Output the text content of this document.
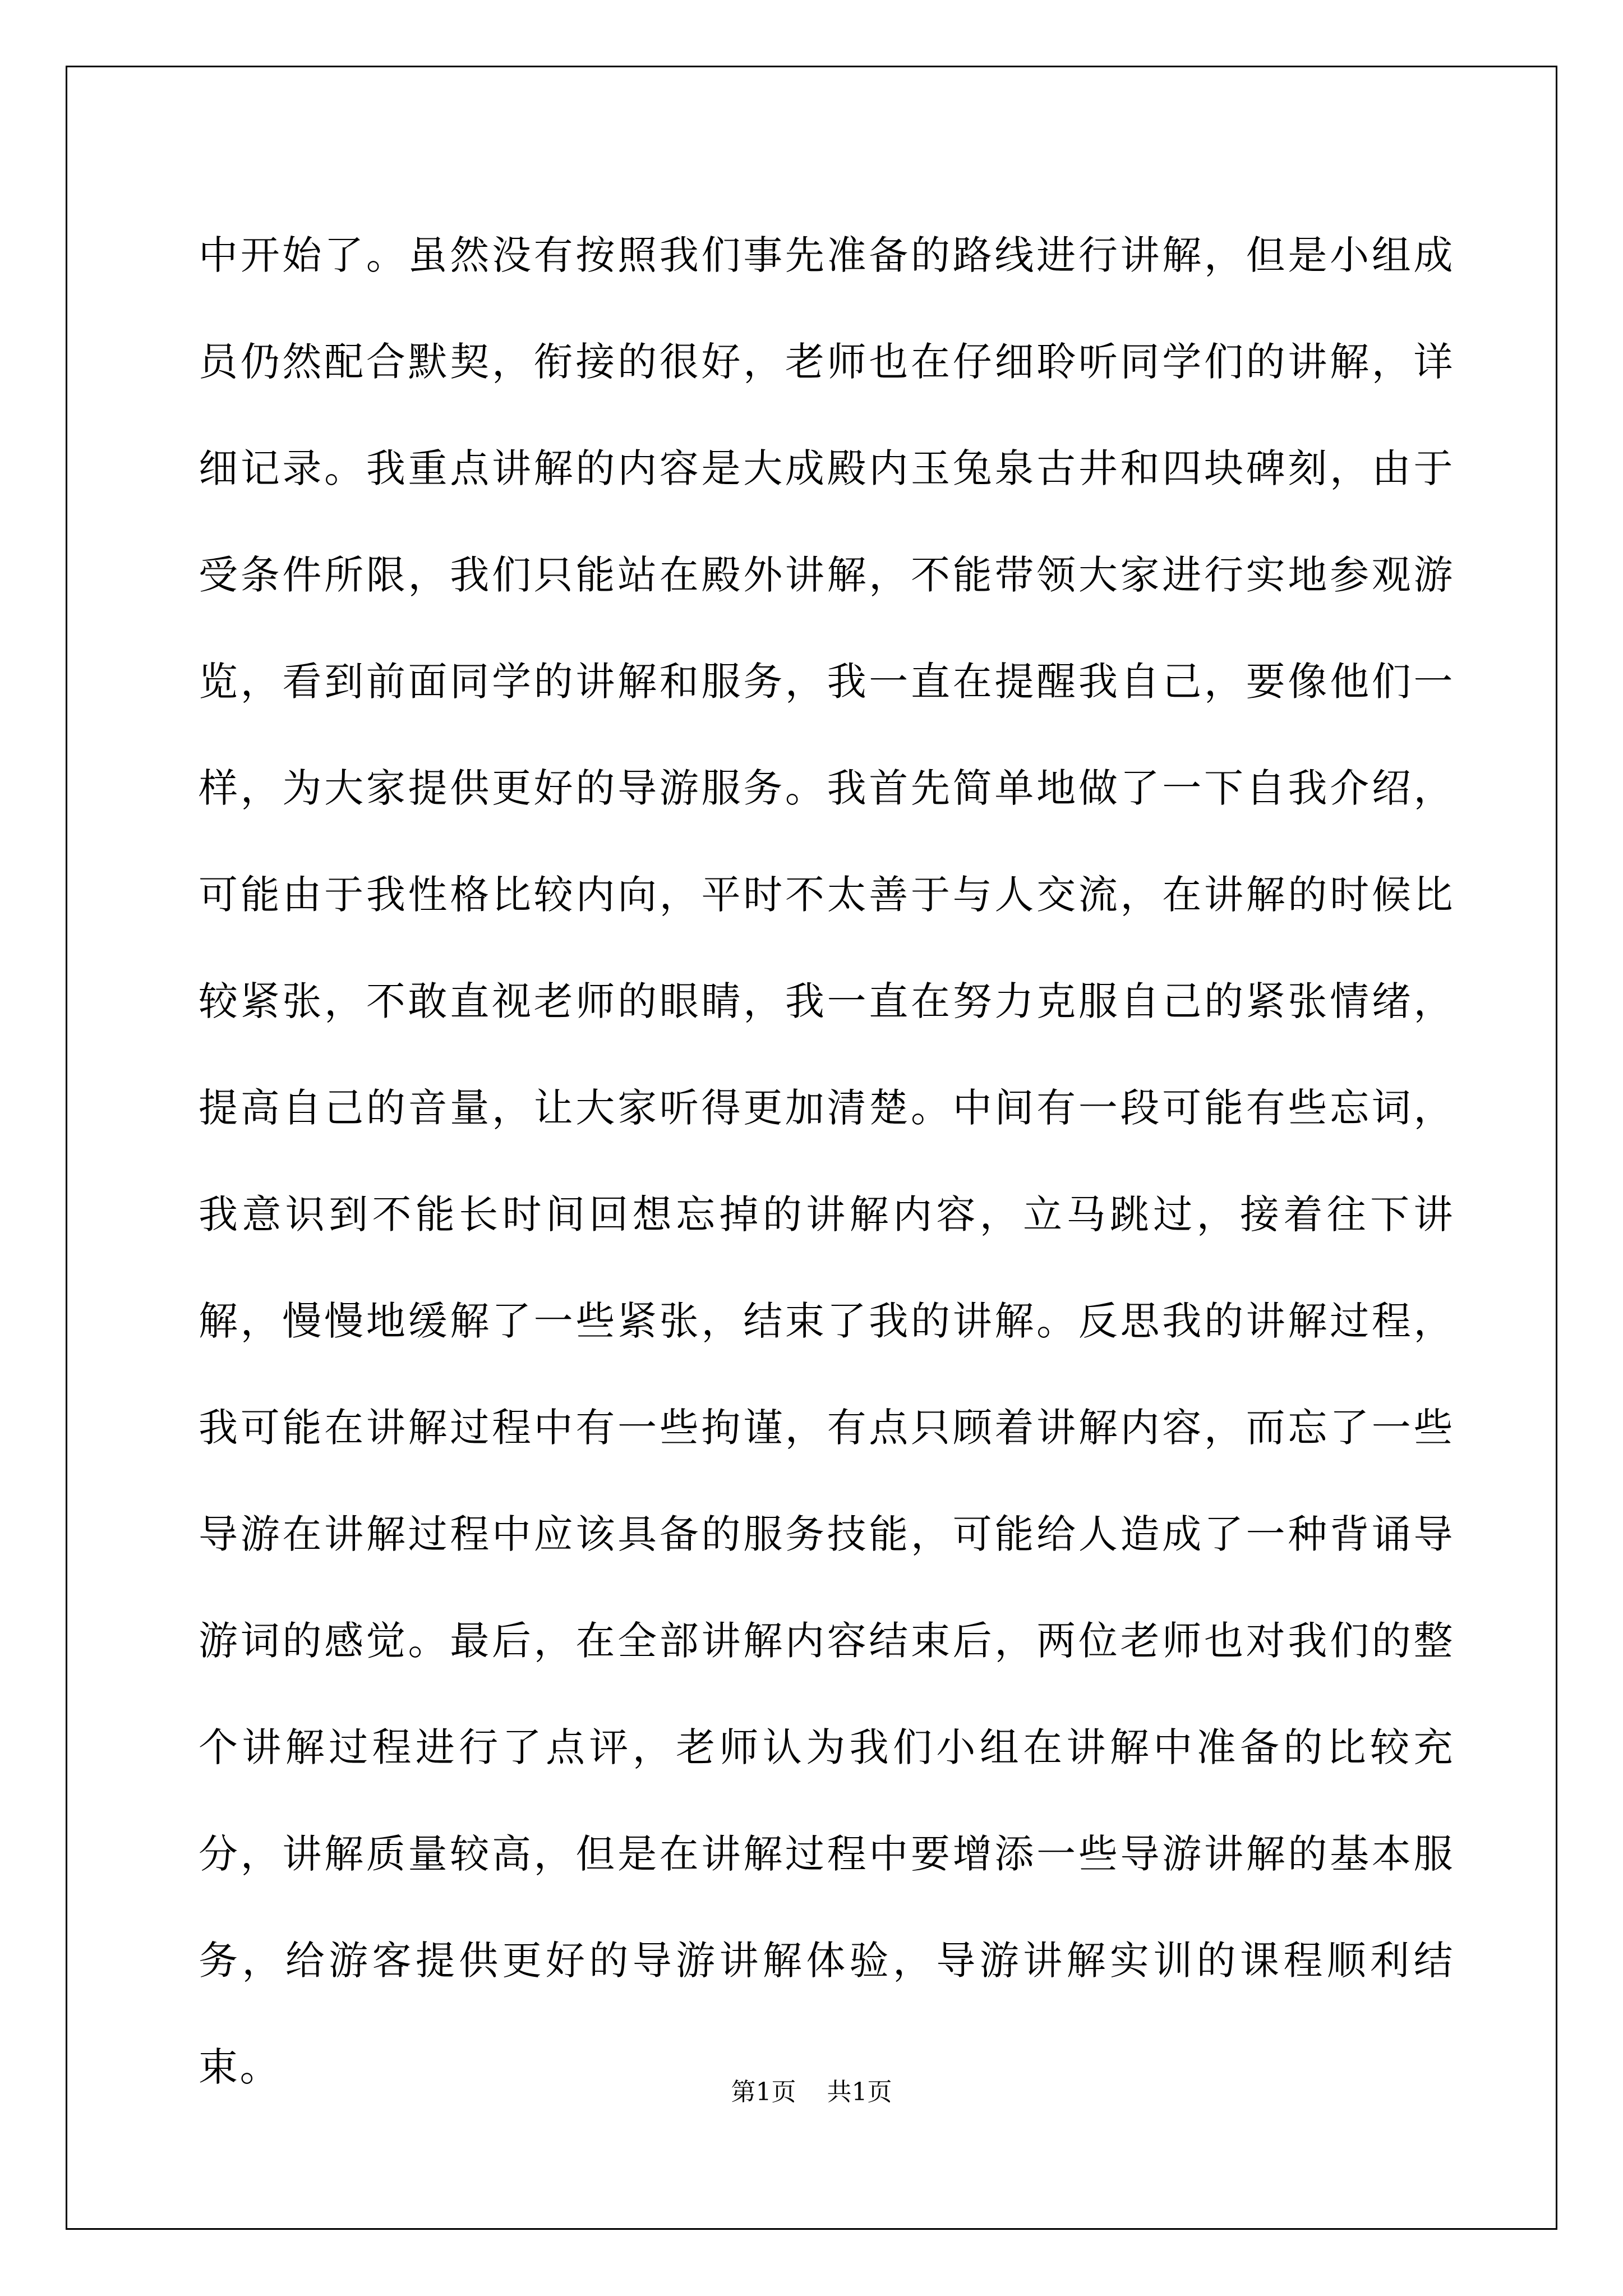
中开始了。虽然没有按照我们事先准备的路线进行讲解，但是小组成员仍然配合默契，衔接的很好，老师也在仔细聆听同学们的讲解，详细记录。我重点讲解的内容是大成殿内玉兔泉古井和四块碑刻，由于受条件所限，我们只能站在殿外讲解，不能带领大家进行实地参观游览，看到前面同学的讲解和服务，我一直在提醒我自己，要像他们一样，为大家提供更好的导游服务。我首先简单地做了一下自我介绍，可能由于我性格比较内向，平时不太善于与人交流，在讲解的时候比较紧张，不敢直视老师的眼睛，我一直在努力克服自己的紧张情绪，提高自己的音量，让大家听得更加清楚。中间有一段可能有些忘词，我意识到不能长时间回想忘掉的讲解内容，立马跳过，接着往下讲解，慢慢地缓解了一些紧张，结束了我的讲解。反思我的讲解过程，我可能在讲解过程中有一些拘谨，有点只顾着讲解内容，而忘了一些导游在讲解过程中应该具备的服务技能，可能给人造成了一种背诵导游词的感觉。最后，在全部讲解内容结束后，两位老师也对我们的整个讲解过程进行了点评，老师认为我们小组在讲解中准备的比较充分，讲解质量较高，但是在讲解过程中要增添一些导游讲解的基本服务，给游客提供更好的导游讲解体验，导游讲解实训的课程顺利结束。

第1页 共1页
